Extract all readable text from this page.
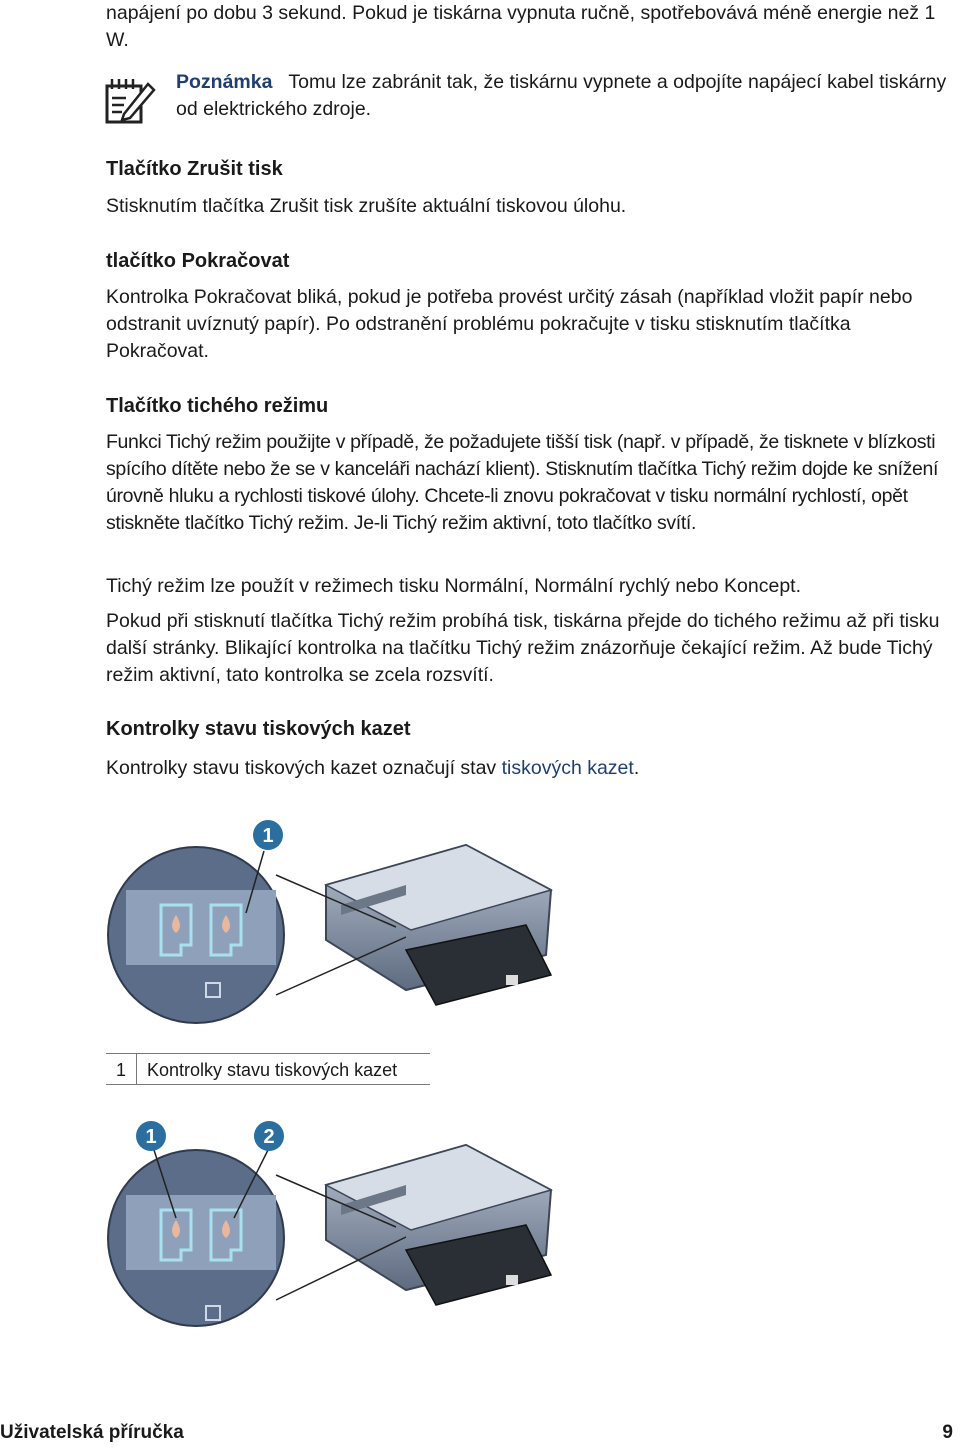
napájení po dobu 3 sekund. Pokud je tiskárna vypnuta ručně, spotřebovává méně energie než 1 W.

Poznámka Tomu lze zabránit tak, že tiskárnu vypnete a odpojíte napájecí kabel tiskárny od elektrického zdroje.

Tlačítko Zrušit tisk

Stisknutím tlačítka Zrušit tisk zrušíte aktuální tiskovou úlohu.

tlačítko Pokračovat

Kontrolka Pokračovat bliká, pokud je potřeba provést určitý zásah (například vložit papír nebo odstranit uvíznutý papír). Po odstranění problému pokračujte v tisku stisknutím tlačítka Pokračovat.

Tlačítko tichého režimu

Funkci Tichý režim použijte v případě, že požadujete tišší tisk (např. v případě, že tisknete v blízkosti spícího dítěte nebo že se v kanceláři nachází klient). Stisknutím tlačítka Tichý režim dojde ke snížení úrovně hluku a rychlosti tiskové úlohy. Chcete-li znovu pokračovat v tisku normální rychlostí, opět stiskněte tlačítko Tichý režim. Je-li Tichý režim aktivní, toto tlačítko svítí.

Tichý režim lze použít v režimech tisku Normální, Normální rychlý nebo Koncept.

Pokud při stisknutí tlačítka Tichý režim probíhá tisk, tiskárna přejde do tichého režimu až při tisku další stránky. Blikající kontrolka na tlačítku Tichý režim znázorňuje čekající režim. Až bude Tichý režim aktivní, tato kontrolka se zcela rozsvítí.

Kontrolky stavu tiskových kazet

Kontrolky stavu tiskových kazet označují stav tiskových kazet.

1
1 Kontrolky stavu tiskových kazet
1	2
Uživatelská příručka	9
